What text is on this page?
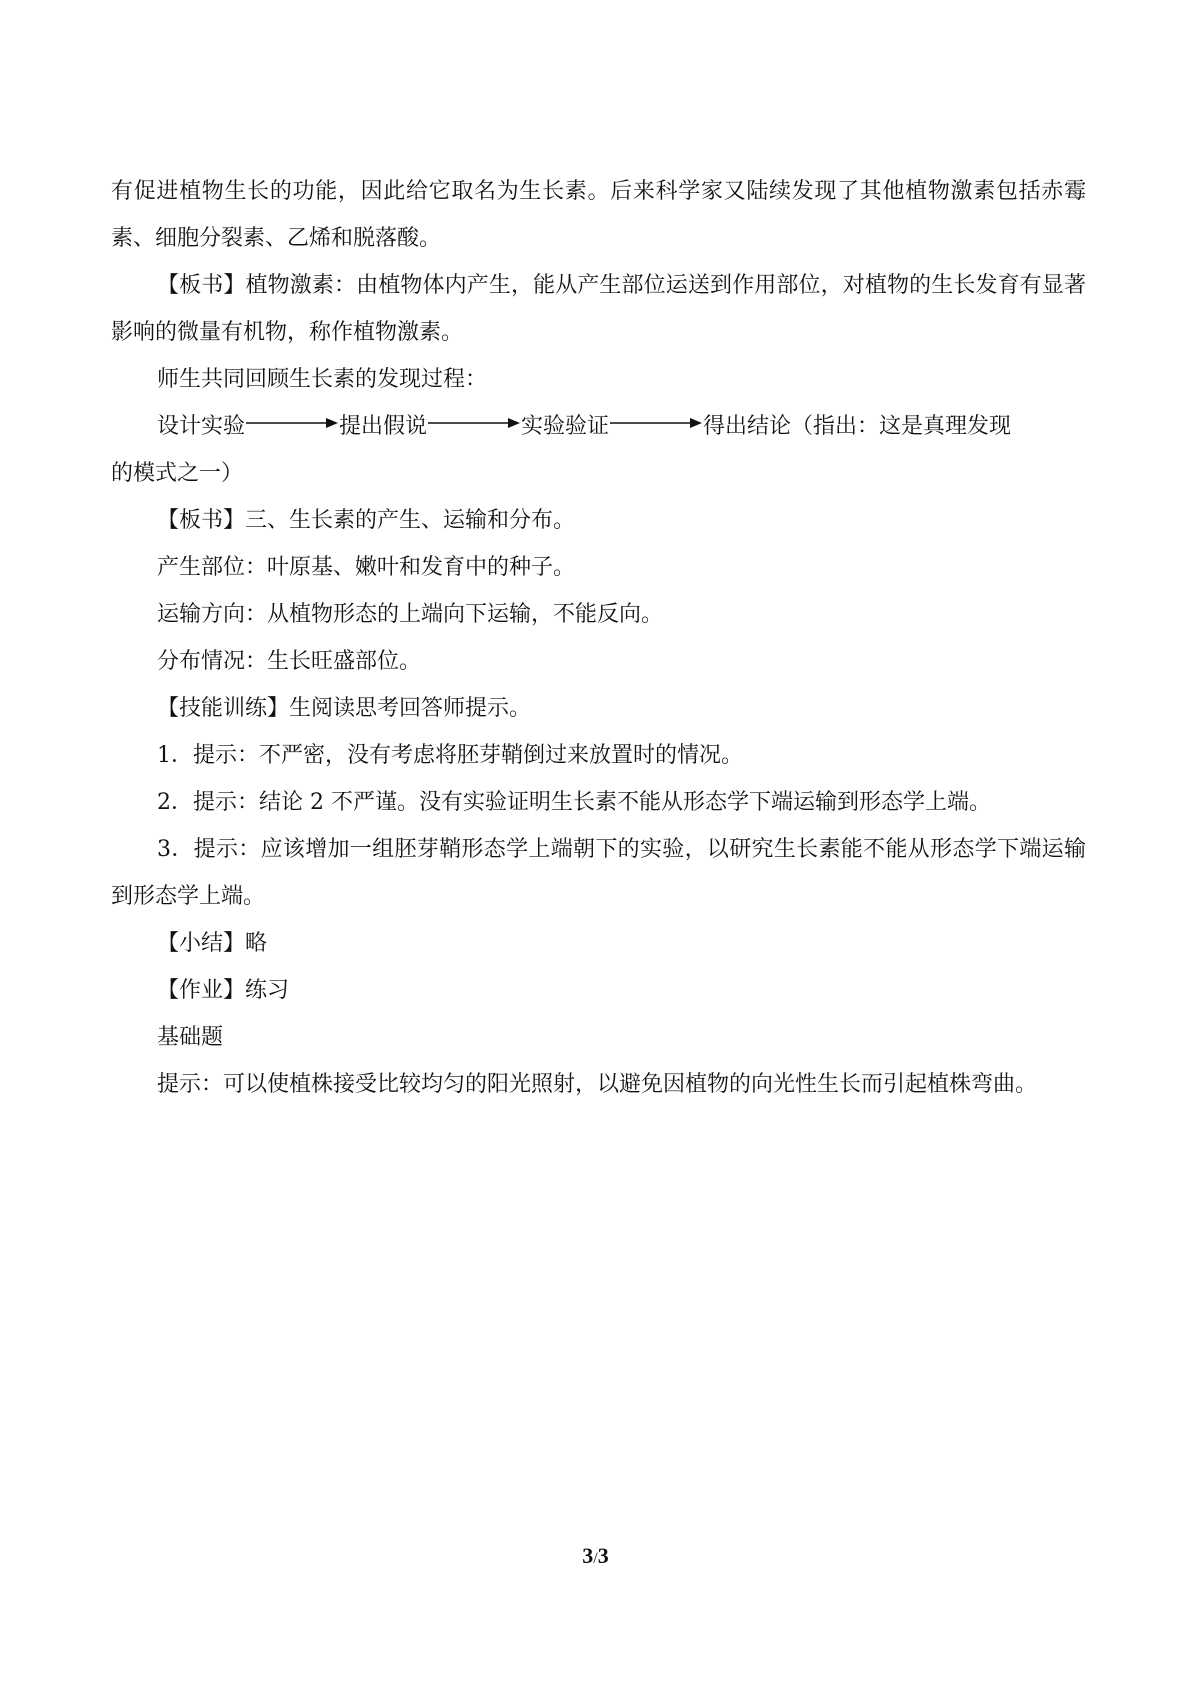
有促进植物生长的功能，因此给它取名为生长素。后来科学家又陆续发现了其他植物激素包括赤霉素、细胞分裂素、乙烯和脱落酸。

【板书】植物激素：由植物体内产生，能从产生部位运送到作用部位，对植物的生长发育有显著影响的微量有机物，称作植物激素。

师生共同回顾生长素的发现过程：

设计实验	提出假说	实验验证	得出结论（指出：这是真理发现

的模式之一）

【板书】三、生长素的产生、运输和分布。

产生部位：叶原基、嫩叶和发育中的种子。

运输方向：从植物形态的上端向下运输，不能反向。

分布情况：生长旺盛部位。

【技能训练】生阅读思考回答师提示。

1．提示：不严密，没有考虑将胚芽鞘倒过来放置时的情况。

2．提示：结论 2 不严谨。没有实验证明生长素不能从形态学下端运输到形态学上端。

3．提示：应该增加一组胚芽鞘形态学上端朝下的实验，以研究生长素能不能从形态学下端运输到形态学上端。

【小结】略

【作业】练习

基础题

提示：可以使植株接受比较均匀的阳光照射，以避免因植物的向光性生长而引起植株弯曲。

3/3
